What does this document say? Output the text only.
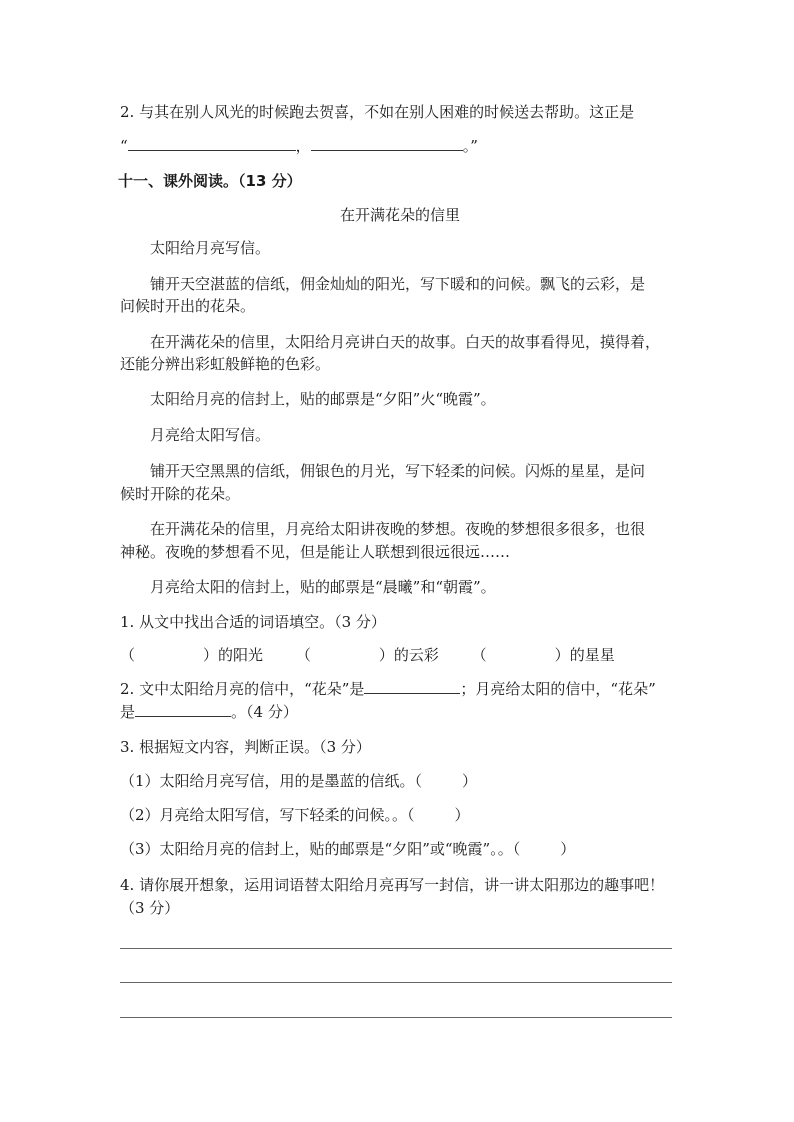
2. 与其在别人风光的时候跑去贺喜，不如在别人困难的时候送去帮助。这正是
“	，	。”
十一、课外阅读。（13 分）
在开满花朵的信里
太阳给月亮写信。
铺开天空湛蓝的信纸，佣金灿灿的阳光，写下暖和的问候。飘飞的云彩，是
问候时开出的花朵。
在开满花朵的信里，太阳给月亮讲白天的故事。白天的故事看得见，摸得着，
还能分辨出彩虹般鲜艳的色彩。
太阳给月亮的信封上，贴的邮票是“夕阳”火“晚霞”。
月亮给太阳写信。
铺开天空黑黑的信纸，佣银色的月光，写下轻柔的问候。闪烁的星星，是问
候时开除的花朵。
在开满花朵的信里，月亮给太阳讲夜晚的梦想。夜晚的梦想很多很多，也很
神秘。夜晚的梦想看不见，但是能让人联想到很远很远……
月亮给太阳的信封上，贴的邮票是“晨曦”和“朝霞”。
1. 从文中找出合适的词语填空。（3 分）
（	）的阳光 （	）的云彩 （	）的星星
2. 文中太阳给月亮的信中，“花朵”是	；月亮给太阳的信中，“花朵”
是	。（4 分）
3. 根据短文内容，判断正误。（3 分）
（1）太阳给月亮写信，用的是墨蓝的信纸。（	）
（2）月亮给太阳写信，写下轻柔的问候。。（	）
（3）太阳给月亮的信封上，贴的邮票是“夕阳”或“晚霞”。。（	）
4. 请你展开想象，运用词语替太阳给月亮再写一封信，讲一讲太阳那边的趣事吧！
（3 分）
